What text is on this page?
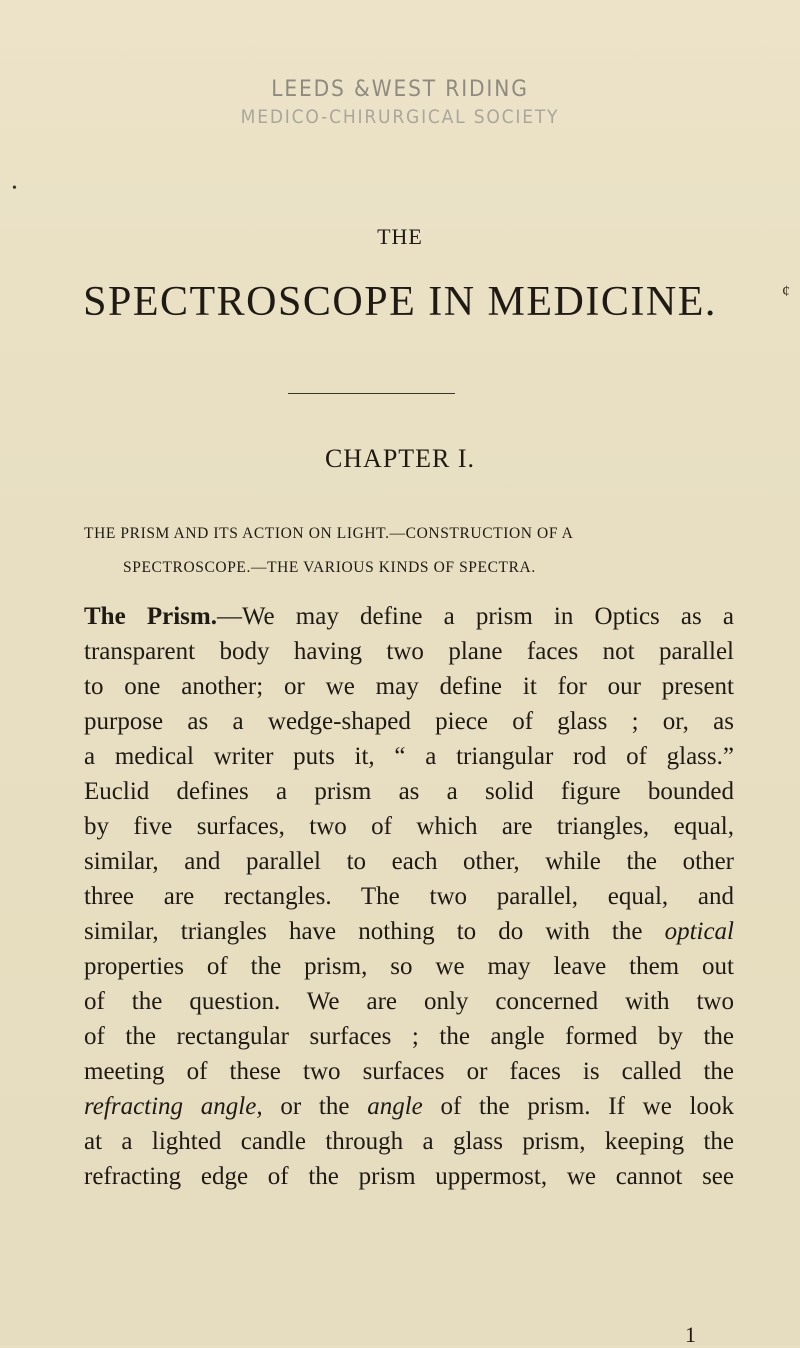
LEEDS &WEST RIDING
MEDICO-CHIRURGICAL SOCIETY
•
THE
SPECTROSCOPE IN MEDICINE.	¢
CHAPTER I.
THE PRISM AND ITS ACTION ON LIGHT.—CONSTRUCTION OF A
SPECTROSCOPE.—THE VARIOUS KINDS OF SPECTRA.
The Prism.—We may define a prism in Optics as a
transparent body having two plane faces not parallel
to one another; or we may define it for our present
purpose as a wedge-shaped piece of glass ; or, as
a medical writer puts it, “ a triangular rod of glass.”
Euclid defines a prism as a solid figure bounded
by five surfaces, two of which are triangles, equal,
similar, and parallel to each other, while the other
three are rectangles. The two parallel, equal, and
similar, triangles have nothing to do with the optical
properties of the prism, so we may leave them out
of the question. We are only concerned with two
of the rectangular surfaces ; the angle formed by the
meeting of these two surfaces or faces is called the
refracting angle, or the angle of the prism. If we look
at a lighted candle through a glass prism, keeping the
refracting edge of the prism uppermost, we cannot see
1
